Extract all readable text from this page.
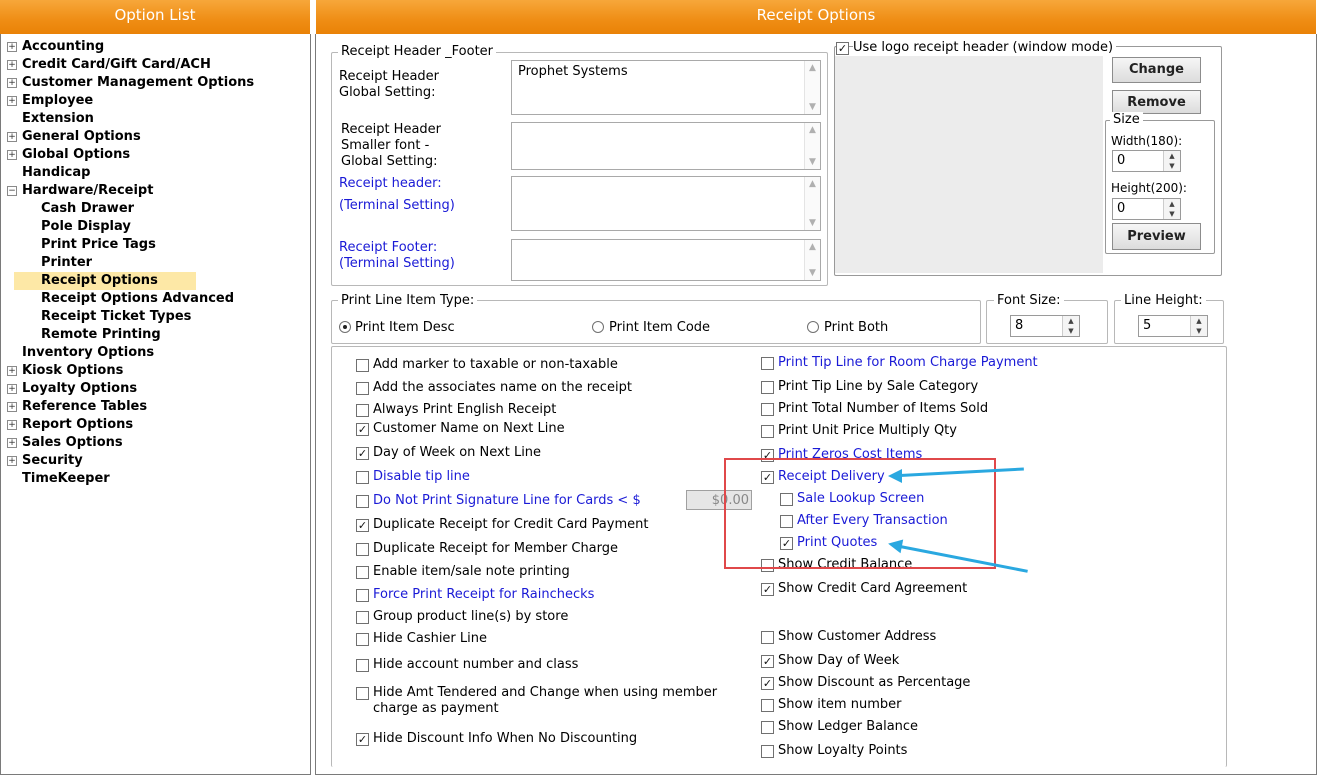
Option List
+ Accounting
+ Credit Card/Gift Card/ACH
+ Customer Management Options
+ Employee
Extension
+ General Options
+ Global Options
Handicap
− Hardware/Receipt
Cash Drawer
Pole Display
Print Price Tags
Printer
Receipt Options
Receipt Options Advanced
Receipt Ticket Types
Remote Printing
Inventory Options
+ Kiosk Options
+ Loyalty Options
+ Reference Tables
+ Report Options
+ Sales Options
+ Security
TimeKeeper
Receipt Options
Receipt Header _Footer
Receipt Header
Global Setting:
Prophet Systems	▲
▼
Receipt Header
Smaller font -
Global Setting:
▲
▼
Receipt header:
(Terminal Setting)
▲
▼
Receipt Footer:
(Terminal Setting)
▲
▼
✓ Use logo receipt header (window mode)
Change
Remove
Size
Width(180):
0	▲
▼
Height(200):
0	▲
▼
Preview
Print Line Item Type:
Print Item Desc	Print Item Code	Print Both
Font Size:
8	▲
▼
Line Height:
5	▲
▼
Add marker to taxable or non-taxable
Add the associates name on the receipt
Always Print English Receipt
✓ Customer Name on Next Line
✓ Day of Week on Next Line
Disable tip line
Do Not Print Signature Line for Cards < $
✓ Duplicate Receipt for Credit Card Payment
Duplicate Receipt for Member Charge
Enable item/sale note printing
Force Print Receipt for Rainchecks
Group product line(s) by store
Hide Cashier Line
Hide account number and class
Hide Amt Tendered and Change when using member
charge as payment
✓ Hide Discount Info When No Discounting
Print Tip Line for Room Charge Payment
Print Tip Line by Sale Category
Print Total Number of Items Sold
Print Unit Price Multiply Qty
✓ Print Zeros Cost Items
✓ Receipt Delivery
Sale Lookup Screen
After Every Transaction
✓ Print Quotes
Show Credit Balance
✓ Show Credit Card Agreement
Show Customer Address
✓ Show Day of Week
✓ Show Discount as Percentage
Show item number
Show Ledger Balance
Show Loyalty Points
$0.00
